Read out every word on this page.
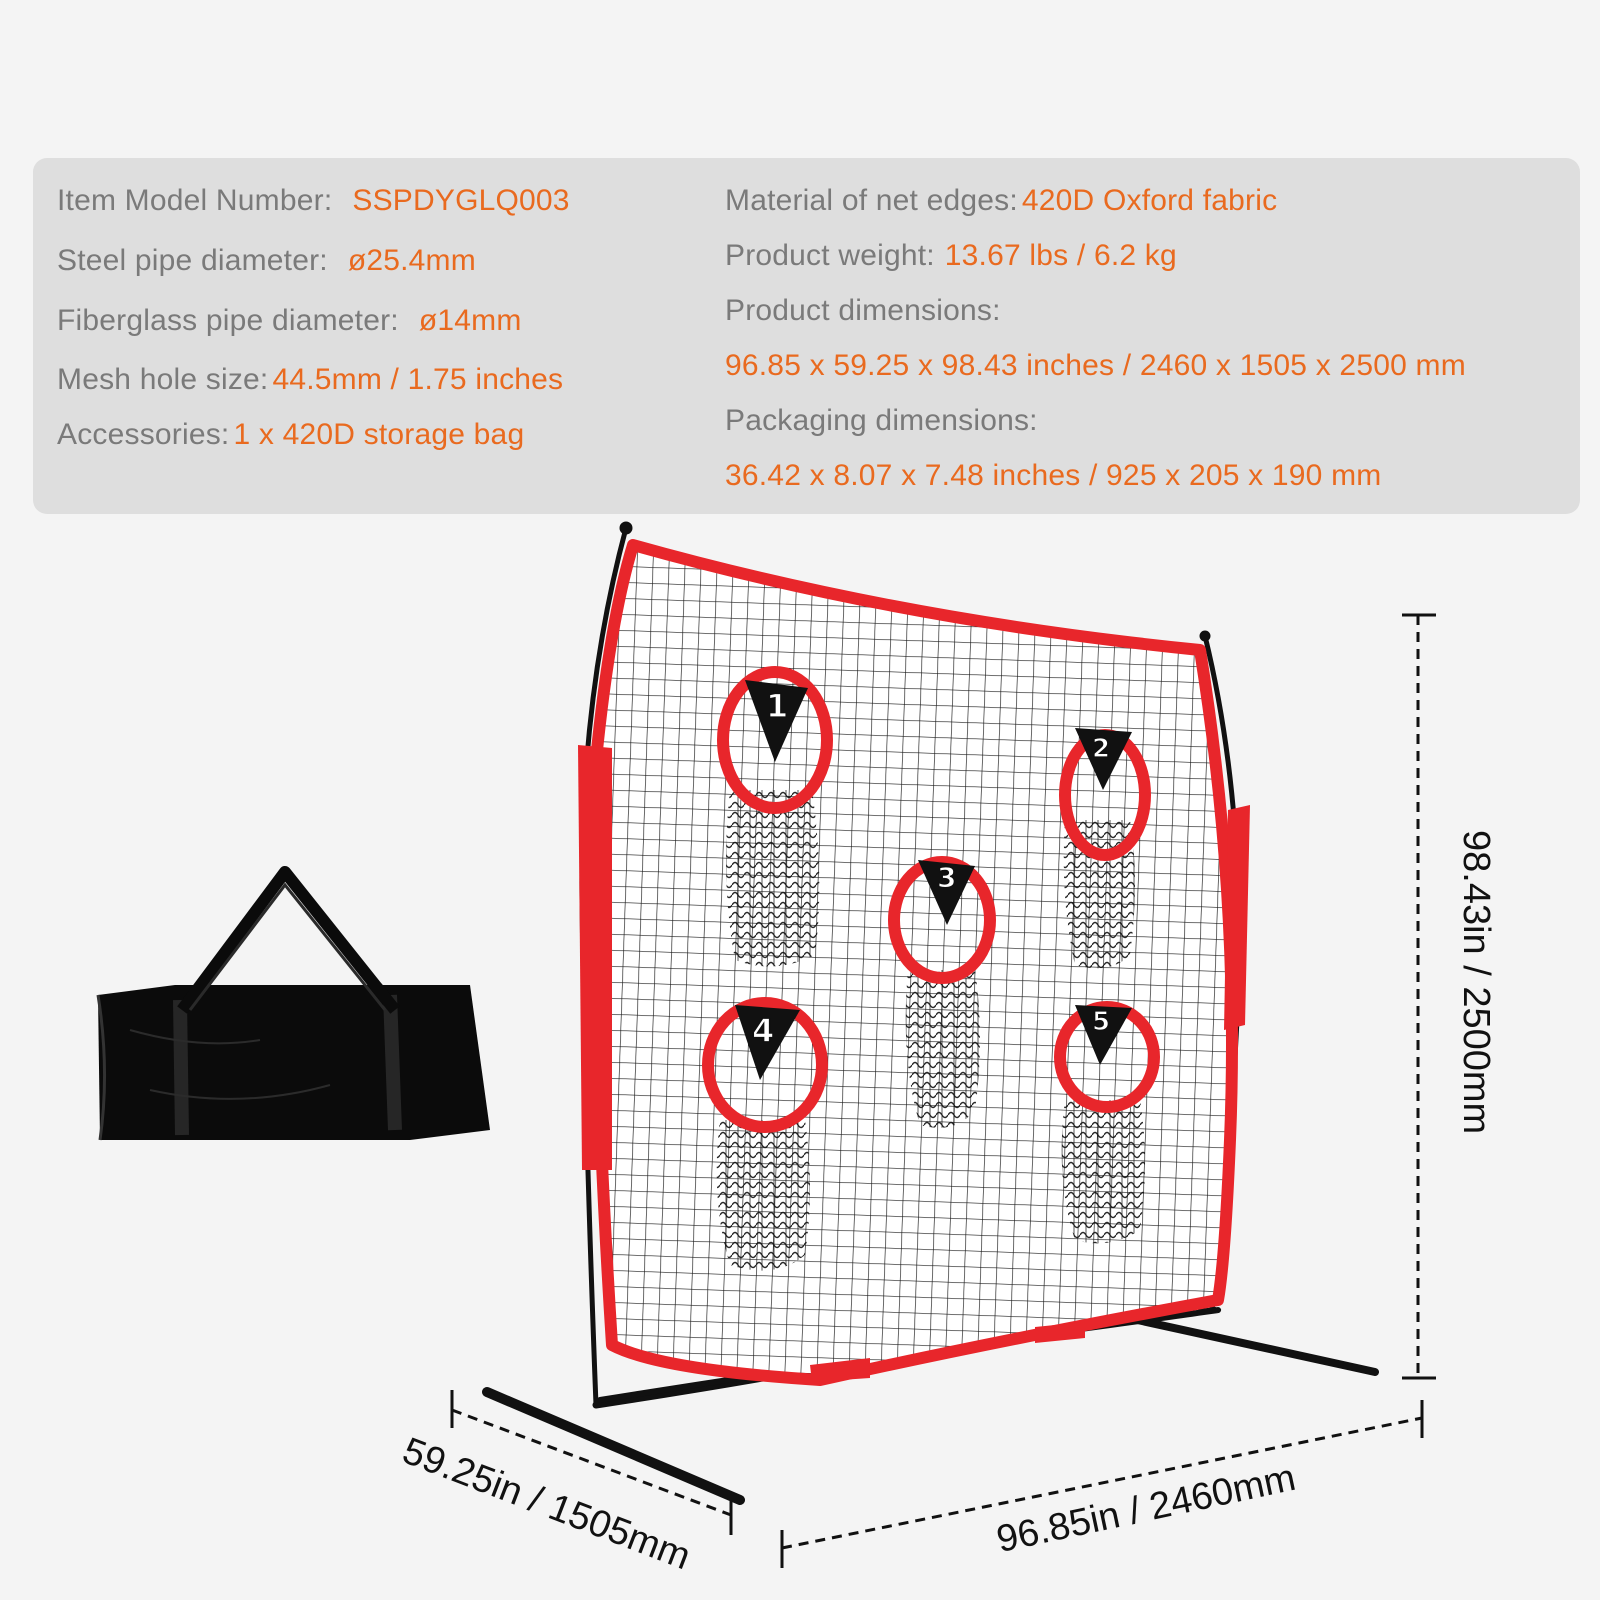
Item Model Number: SSPDYGLQ003
Steel pipe diameter: ø25.4mm
Fiberglass pipe diameter: ø14mm
Mesh hole size: 44.5mm / 1.75 inches
Accessories: 1 x 420D storage bag
Material of net edges: 420D Oxford fabric
Product weight: 13.67 lbs / 6.2 kg
Product dimensions:
96.85 x 59.25 x 98.43 inches / 2460 x 1505 x 2500 mm
Packaging dimensions:
36.42 x 8.07 x 7.48 inches / 925 x 205 x 190 mm
1
2
3
4	5	98.43in / 2500mm
59.25in / 1505mm	96.85in / 2460mm
